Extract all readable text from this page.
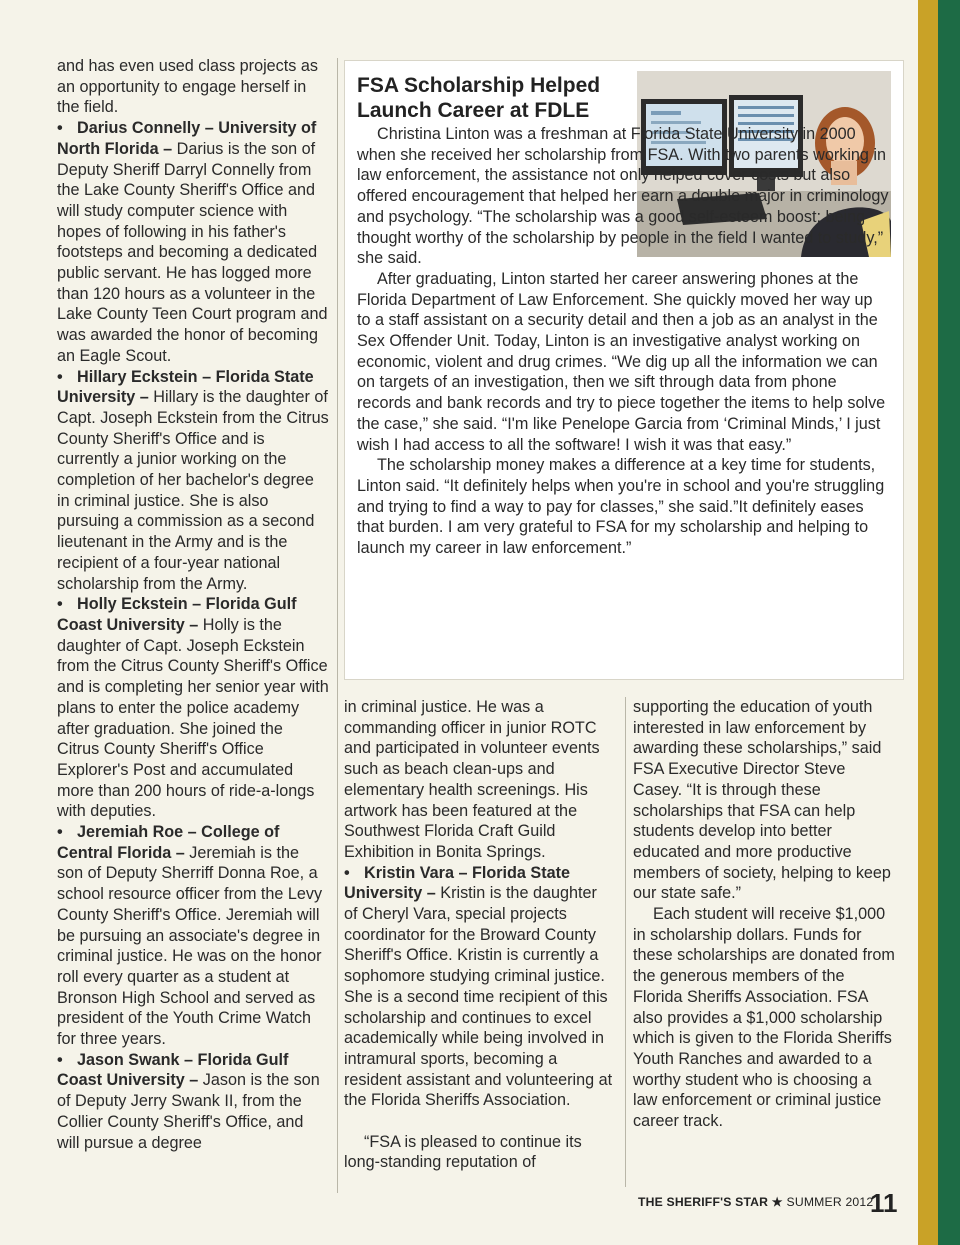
and has even used class projects as an opportunity to engage herself in the field.

• Darius Connelly – University of North Florida – Darius is the son of Deputy Sheriff Darryl Connelly from the Lake County Sheriff's Office and will study computer science with hopes of following in his father's footsteps and becoming a dedicated public servant. He has logged more than 120 hours as a volunteer in the Lake County Teen Court program and was awarded the honor of becoming an Eagle Scout.

• Hillary Eckstein – Florida State University – Hillary is the daughter of Capt. Joseph Eckstein from the Citrus County Sheriff's Office and is currently a junior working on the completion of her bachelor's degree in criminal justice. She is also pursuing a commission as a second lieutenant in the Army and is the recipient of a four-year national scholarship from the Army.

• Holly Eckstein – Florida Gulf Coast University – Holly is the daughter of Capt. Joseph Eckstein from the Citrus County Sheriff's Office and is completing her senior year with plans to enter the police academy after graduation. She joined the Citrus County Sheriff's Office Explorer's Post and accumulated more than 200 hours of ride-a-longs with deputies.

• Jeremiah Roe – College of Central Florida – Jeremiah is the son of Deputy Sherriff Donna Roe, a school resource officer from the Levy County Sheriff's Office. Jeremiah will be pursuing an associate's degree in criminal justice. He was on the honor roll every quarter as a student at Bronson High School and served as president of the Youth Crime Watch for three years.

• Jason Swank – Florida Gulf Coast University – Jason is the son of Deputy Jerry Swank II, from the Collier County Sheriff's Office, and will pursue a degree

FSA Scholarship Helped Launch Career at FDLE

Christina Linton was a freshman at Florida State University in 2000 when she received her scholarship from FSA. With two parents working in law enforcement, the assistance not only helped cover costs but also offered encouragement that helped her earn a double major in criminology and psychology. “The scholarship was a good self-esteem boost; being thought worthy of the scholarship by people in the field I wanted to study,” she said.

After graduating, Linton started her career answering phones at the Florida Department of Law Enforcement. She quickly moved her way up to a staff assistant on a security detail and then a job as an analyst in the Sex Offender Unit. Today, Linton is an investigative analyst working on economic, violent and drug crimes. “We dig up all the information we can on targets of an investigation, then we sift through data from phone records and bank records and try to piece together the items to help solve the case,” she said. “I'm like Penelope Garcia from ‘Criminal Minds,’ I just wish I had access to all the software! I wish it was that easy.”

The scholarship money makes a difference at a key time for students, Linton said. “It definitely helps when you're in school and you're struggling and trying to find a way to pay for classes,” she said.”It definitely eases that burden. I am very grateful to FSA for my scholarship and helping to launch my career in law enforcement.”

in criminal justice. He was a commanding officer in junior ROTC and participated in volunteer events such as beach clean-ups and elementary health screenings. His artwork has been featured at the Southwest Florida Craft Guild Exhibition in Bonita Springs.

• Kristin Vara – Florida State University – Kristin is the daughter of Cheryl Vara, special projects coordinator for the Broward County Sheriff's Office. Kristin is currently a sophomore studying criminal justice. She is a second time recipient of this scholarship and continues to excel academically while being involved in intramural sports, becoming a resident assistant and volunteering at the Florida Sheriffs Association.

“FSA is pleased to continue its long-standing reputation of

supporting the education of youth interested in law enforcement by awarding these scholarships,” said FSA Executive Director Steve Casey. “It is through these scholarships that FSA can help students develop into better educated and more productive members of society, helping to keep our state safe.”

Each student will receive $1,000 in scholarship dollars. Funds for these scholarships are donated from the generous members of the Florida Sheriffs Association. FSA also provides a $1,000 scholarship which is given to the Florida Sheriffs Youth Ranches and awarded to a worthy student who is choosing a law enforcement or criminal justice career track.

THE SHERIFF'S STAR ★ SUMMER 2012
11
